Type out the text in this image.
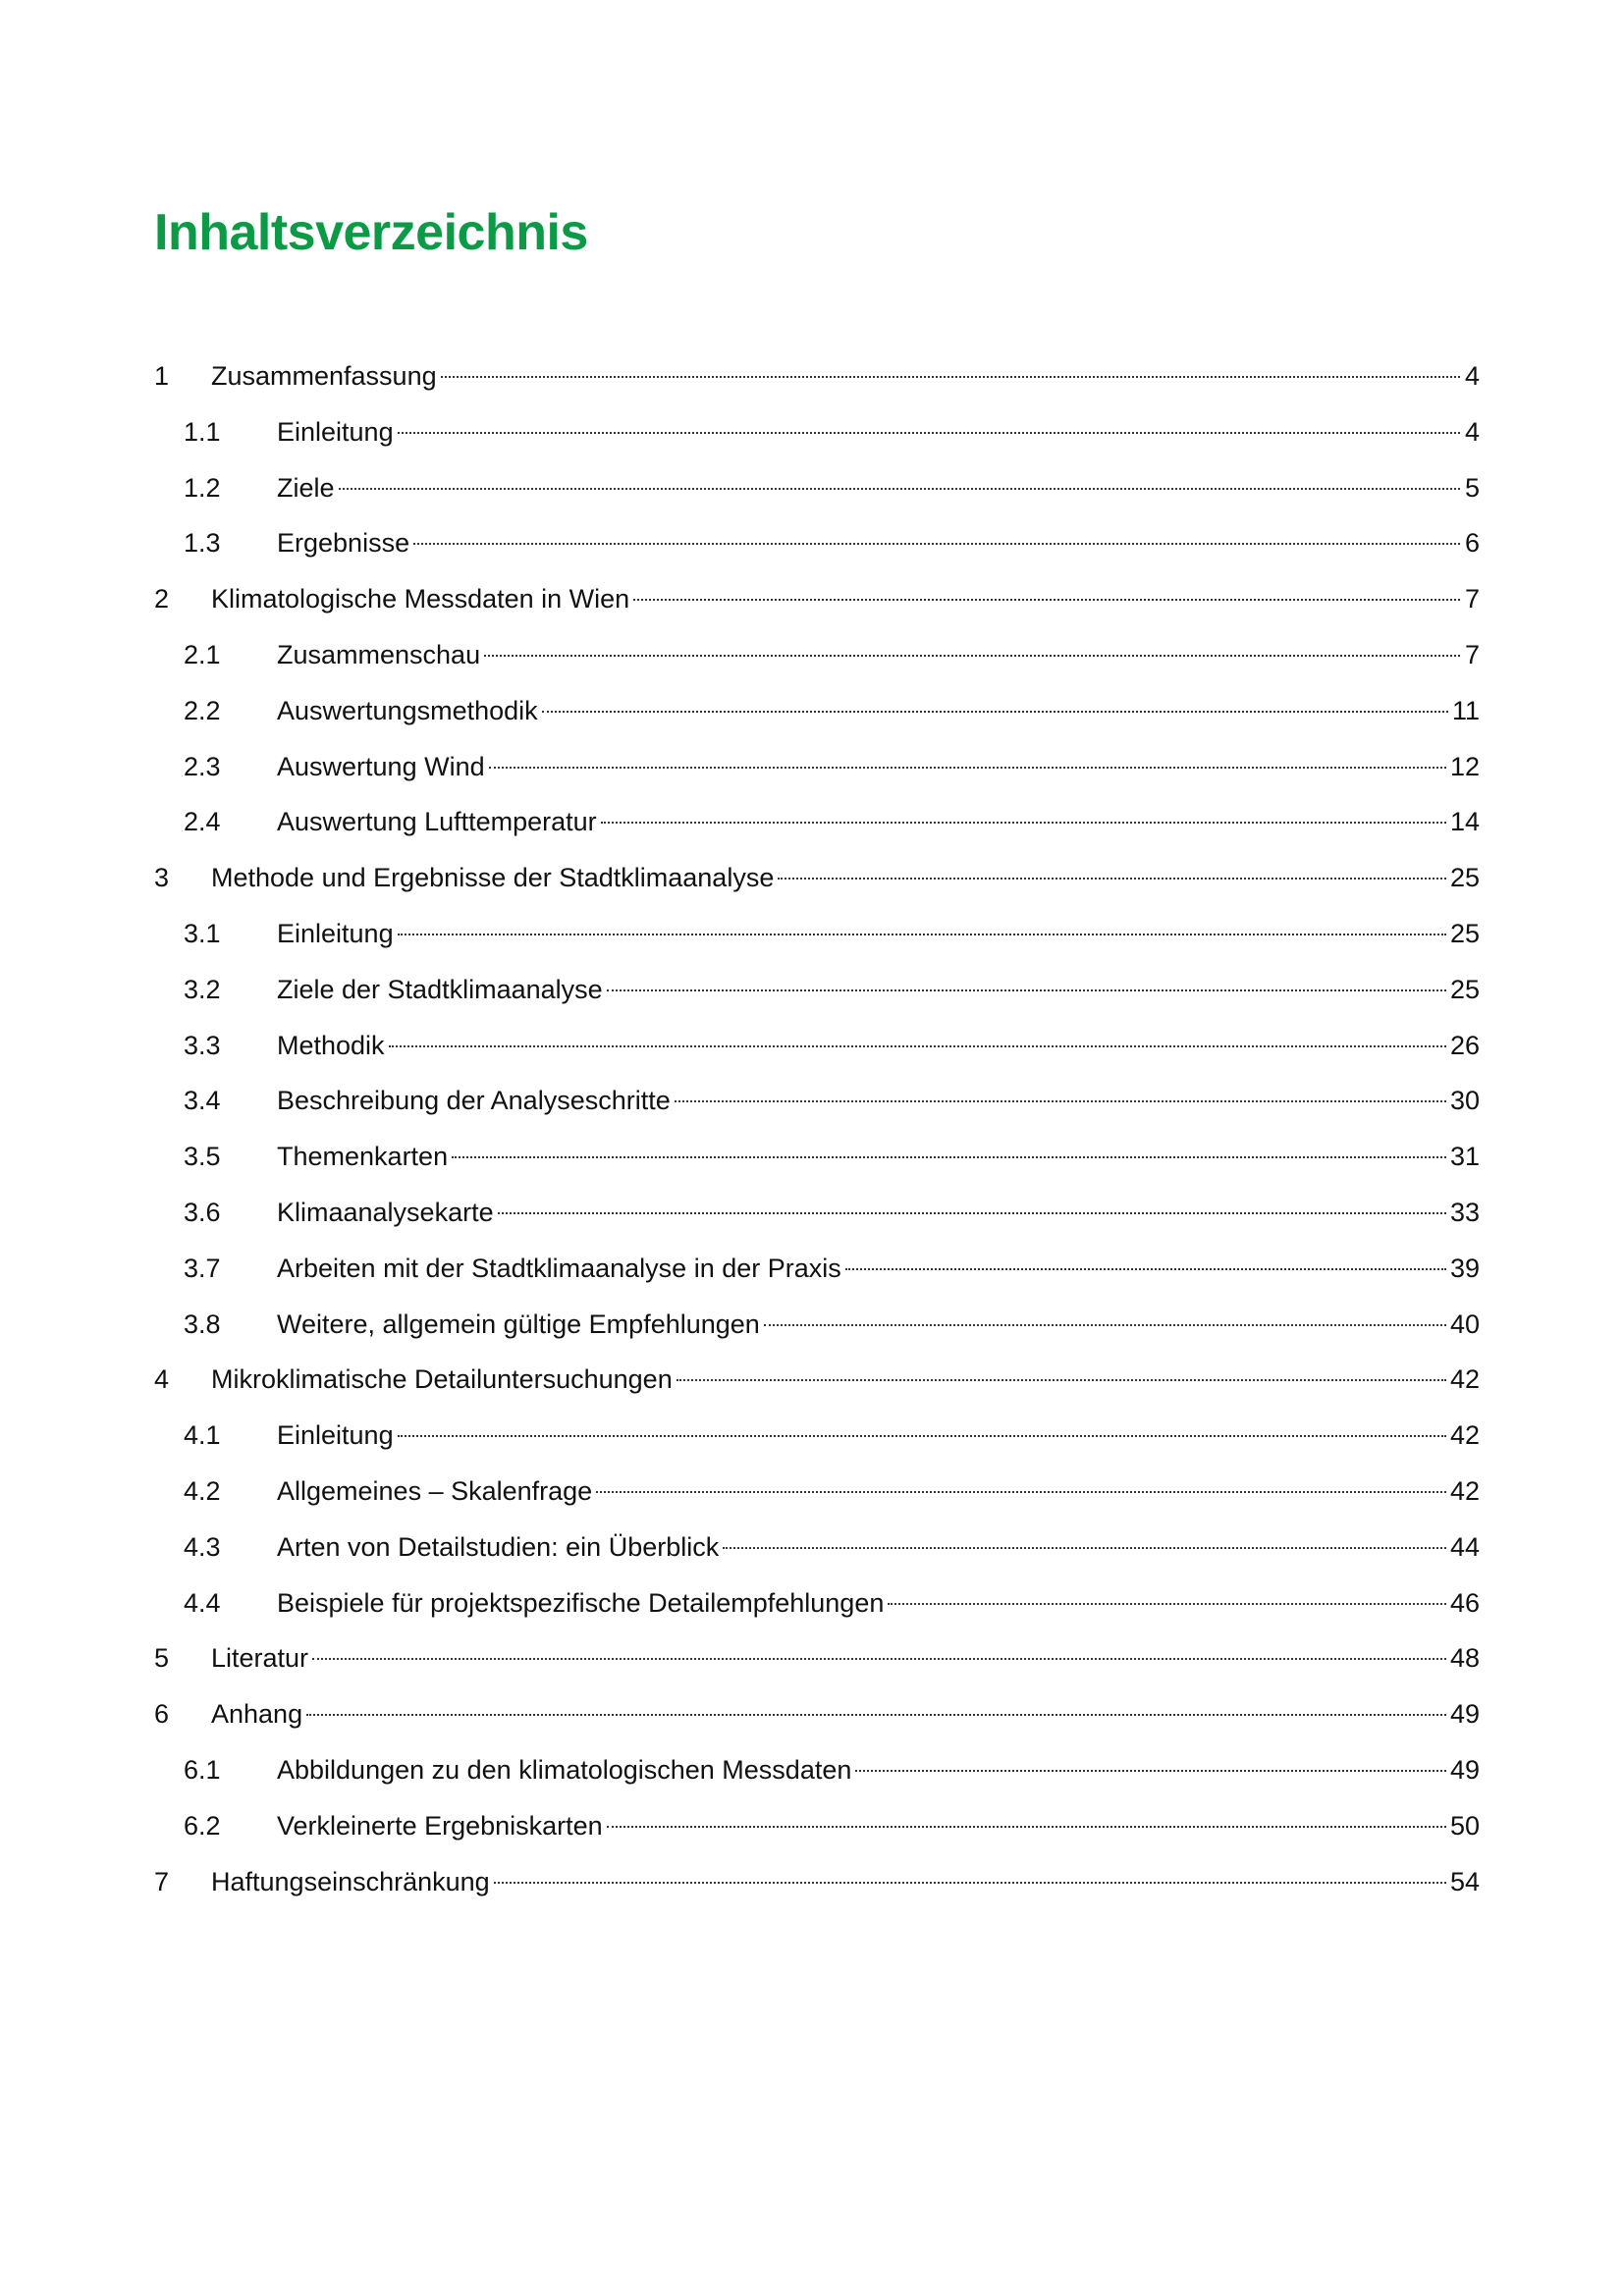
Inhaltsverzeichnis
1	Zusammenfassung	4
1.1	Einleitung	4
1.2	Ziele	5
1.3	Ergebnisse	6
2	Klimatologische Messdaten in Wien	7
2.1	Zusammenschau	7
2.2	Auswertungsmethodik	11
2.3	Auswertung Wind	12
2.4	Auswertung Lufttemperatur	14
3	Methode und Ergebnisse der Stadtklimaanalyse	25
3.1	Einleitung	25
3.2	Ziele der Stadtklimaanalyse	25
3.3	Methodik	26
3.4	Beschreibung der Analyseschritte	30
3.5	Themenkarten	31
3.6	Klimaanalysekarte	33
3.7	Arbeiten mit der Stadtklimaanalyse in der Praxis	39
3.8	Weitere, allgemein gültige Empfehlungen	40
4	Mikroklimatische Detailuntersuchungen	42
4.1	Einleitung	42
4.2	Allgemeines – Skalenfrage	42
4.3	Arten von Detailstudien: ein Überblick	44
4.4	Beispiele für projektspezifische Detailempfehlungen	46
5	Literatur	48
6	Anhang	49
6.1	Abbildungen zu den klimatologischen Messdaten	49
6.2	Verkleinerte Ergebniskarten	50
7	Haftungseinschränkung	54
